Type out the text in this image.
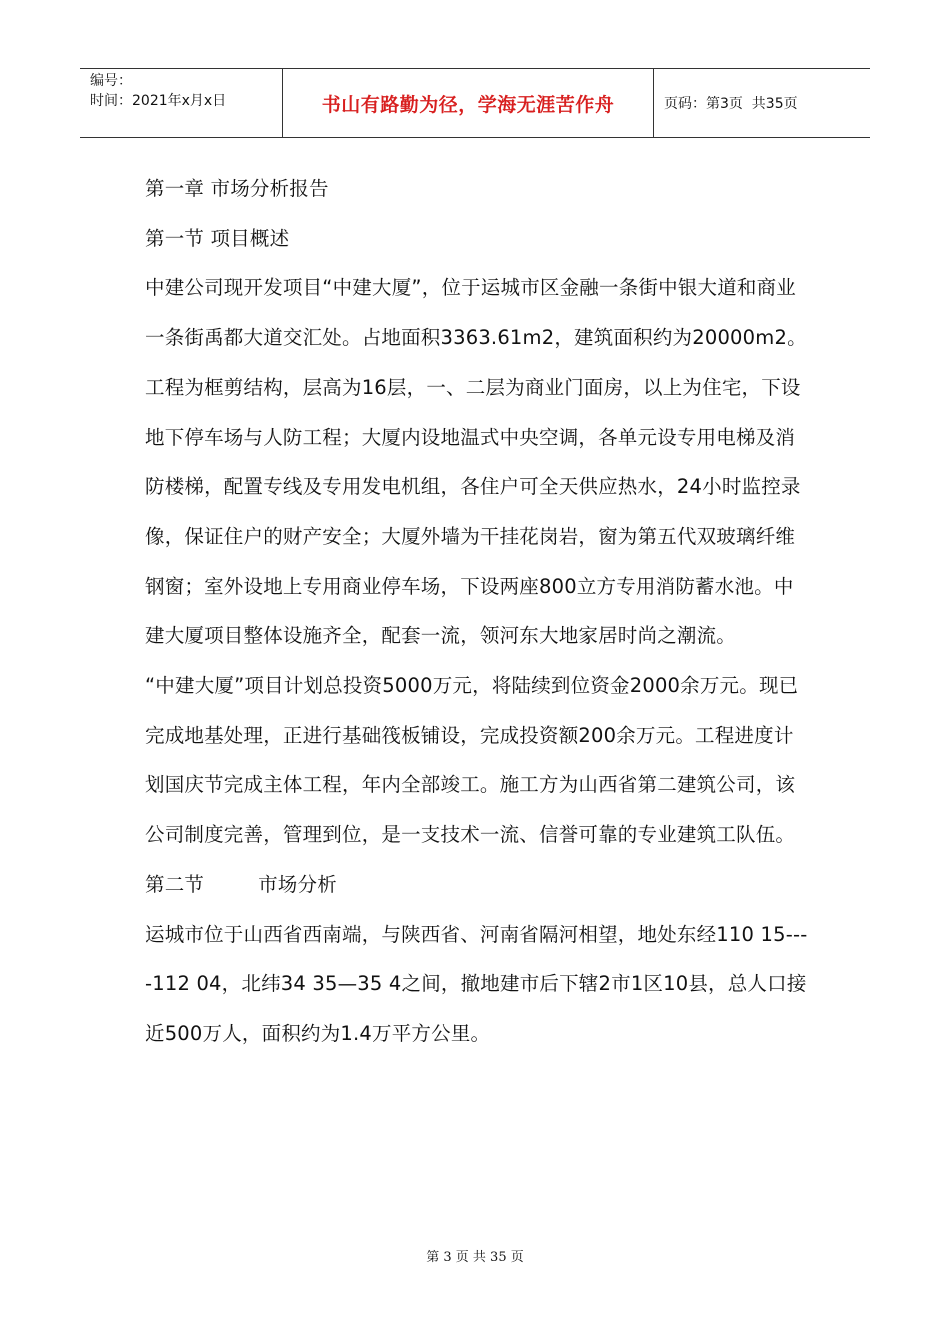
编号：
时间：2021年x月x日	书山有路勤为径，学海无涯苦作舟	页码：第3页  共35页

第一章 市场分析报告

第一节 项目概述

中建公司现开发项目“中建大厦”，位于运城市区金融一条街中银大道和商业一条街禹都大道交汇处。占地面积3363.61m2，建筑面积约为20000m2。工程为框剪结构，层高为16层，一、二层为商业门面房，以上为住宅，下设地下停车场与人防工程；大厦内设地温式中央空调，各单元设专用电梯及消防楼梯，配置专线及专用发电机组，各住户可全天供应热水，24小时监控录像，保证住户的财产安全；大厦外墙为干挂花岗岩，窗为第五代双玻璃纤维钢窗；室外设地上专用商业停车场，下设两座800立方专用消防蓄水池。中建大厦项目整体设施齐全，配套一流，领河东大地家居时尚之潮流。

“中建大厦”项目计划总投资5000万元，将陆续到位资金2000余万元。现已完成地基处理，正进行基础筏板铺设，完成投资额200余万元。工程进度计划国庆节完成主体工程，年内全部竣工。施工方为山西省第二建筑公司，该公司制度完善，管理到位，是一支技术一流、信誉可靠的专业建筑工队伍。

第二节	市场分析

运城市位于山西省西南端，与陕西省、河南省隔河相望，地处东经110 15----112 04，北纬34 35—35 4之间，撤地建市后下辖2市1区10县，总人口接近500万人，面积约为1.4万平方公里。

第 3 页 共 35 页
